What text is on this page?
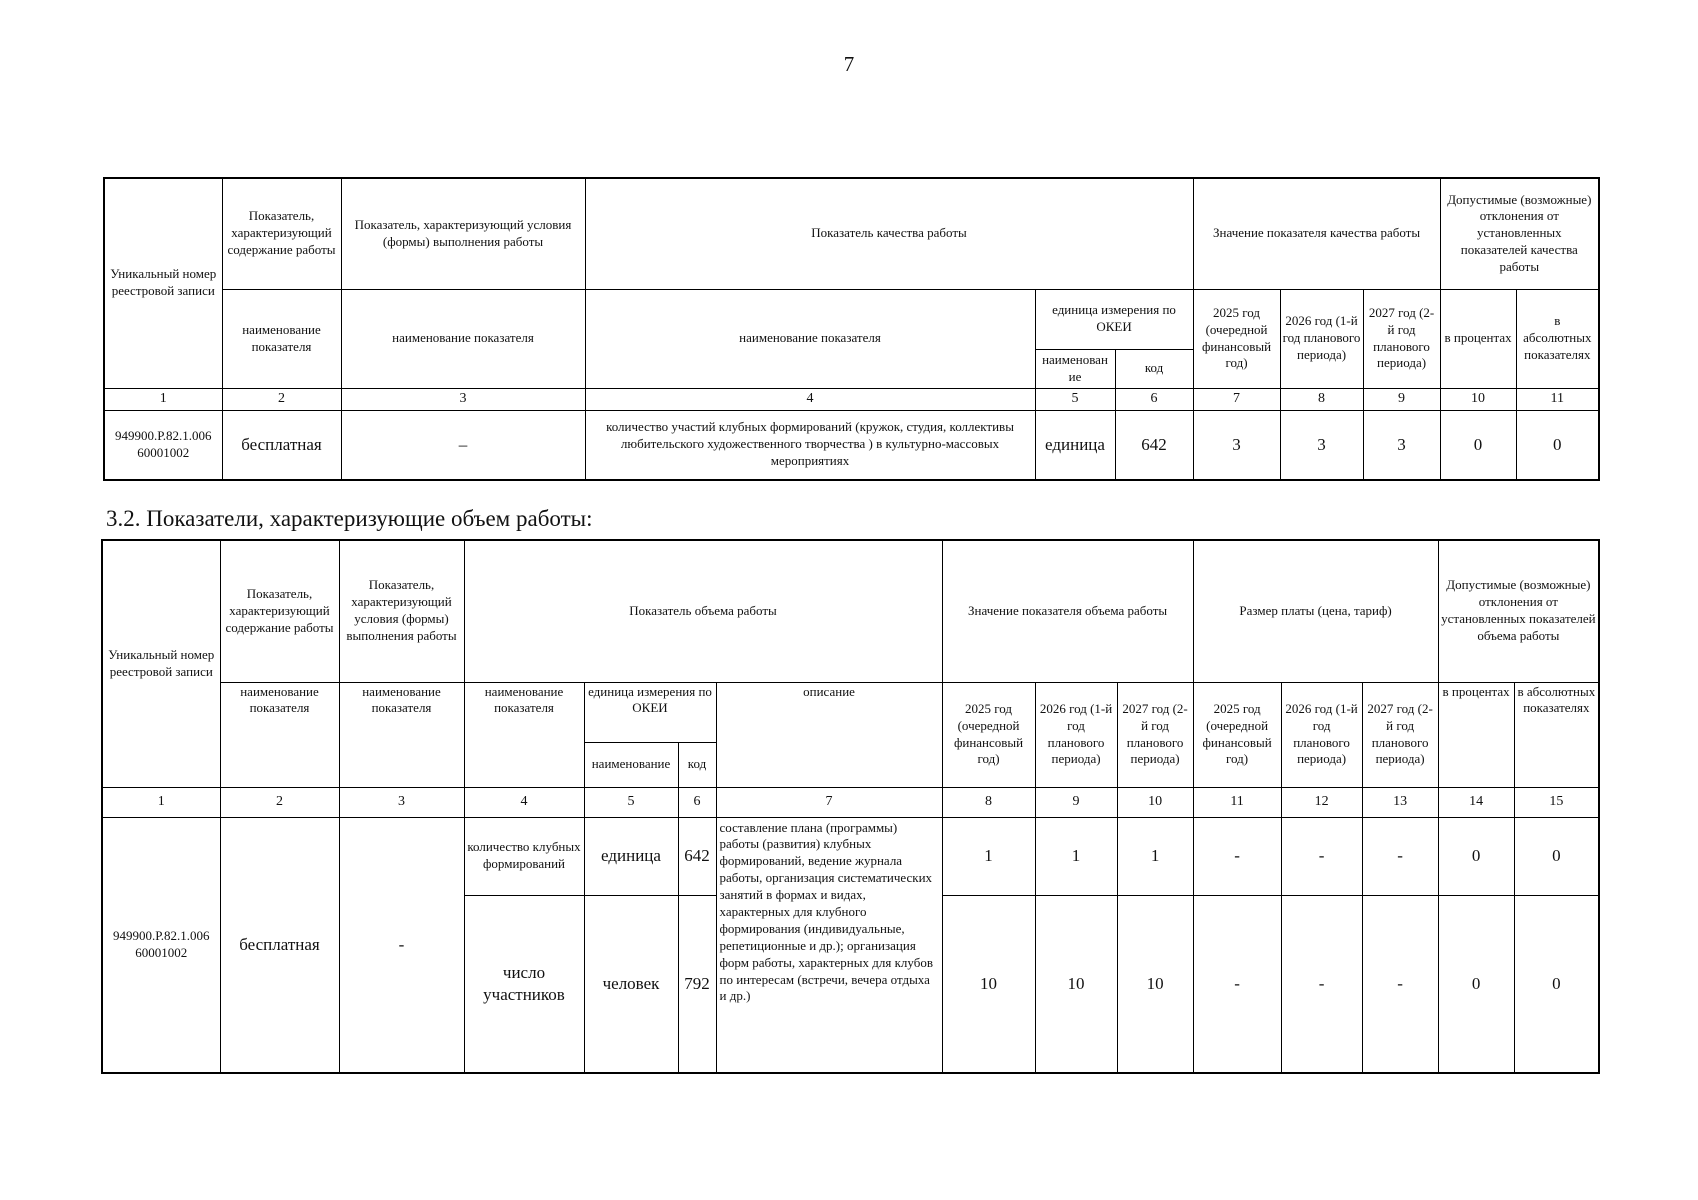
7
Уникальный номер реестровой записи	Показатель, характеризующий содержание работы	Показатель, характеризующий условия (формы) выполнения работы	Показатель качества работы			Значение показателя качества работы			Допустимые (возможные) отклонения от установленных показателей качества работы	
	наименование показателя	наименование показателя	наименование показателя	единица измерения по ОКЕИ		2025 год (очередной финансовый год)	2026 год (1-й год планового периода)	2027 год (2-й год планового периода)	в процентах	в абсолютных показателях
				наименован ие	код					
1	2	3	4	5	6	7	8	9	10	11
949900.Р.82.1.006 60001002	бесплатная	–	количество участий клубных формирований (кружок, студия, коллективы любительского художественного творчества ) в культурно-массовых мероприятиях	единица	642	3	3	3	0	0
3.2. Показатели, характеризующие объем работы:
Уникальный номер реестровой записи	Показатель, характеризующий содержание работы	Показатель, характеризующий условия (формы) выполнения работы	Показатель объема работы				Значение показателя объема работы			Размер платы (цена, тариф)			Допустимые (возможные) отклонения от установленных показателей объема работы	
	наименование показателя	наименование показателя	наименование показателя	единица измерения по ОКЕИ		описание	2025 год (очередной финансовый год)	2026 год (1-й год планового периода)	2027 год (2-й год планового периода)	2025 год (очередной финансовый год)	2026 год (1-й год планового периода)	2027 год (2-й год планового периода)	в процентах	в абсолютных показателях
				наименование	код									
1	2	3	4	5	6	7	8	9	10	11	12	13	14	15
949900.Р.82.1.006 60001002	бесплатная	-	количество клубных формирований	единица	642	составление плана (программы) работы (развития) клубных формирований, ведение журнала работы, организация систематических занятий в формах и видах, характерных для клубного формирования (индивидуальные, репетиционные и др.); организация форм работы, характерных для клубов по интересам (встречи, вечера отдыха и др.)	1	1	1	-	-	-	0	0
			число участников	человек	792		10	10	10	-	-	-	0	0
